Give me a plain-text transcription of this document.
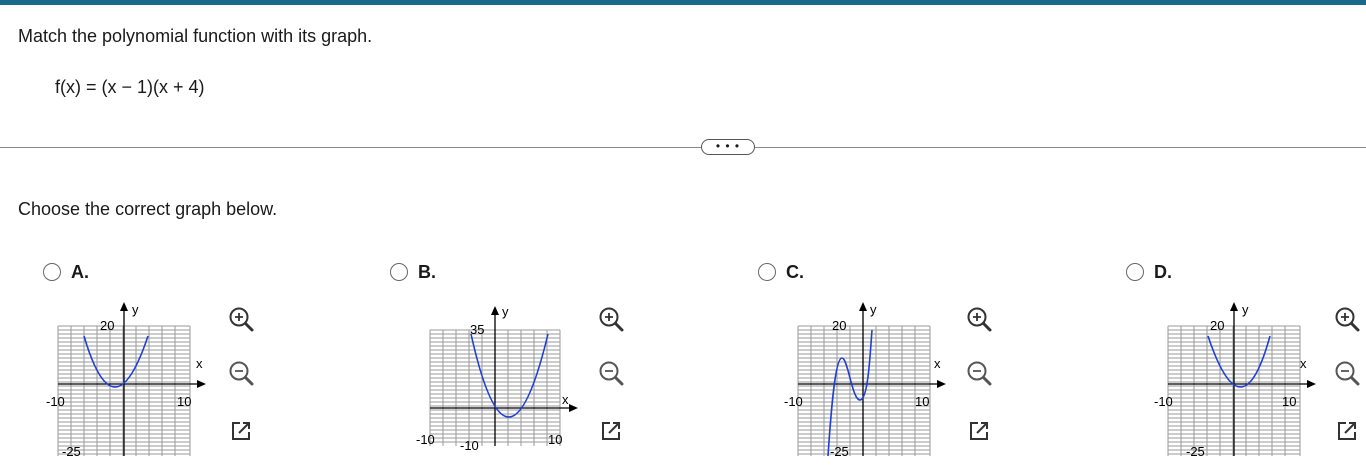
Match the polynomial function with its graph.
f(x) = (x − 1)(x + 4)
• • •
Choose the correct graph below.
A.
y
20
x
-10	10
-25
B.
y
35
x
-10	10
-10
C.
y
20
x
-10	10
-25
D.
y
20
x
-10	10
-25
